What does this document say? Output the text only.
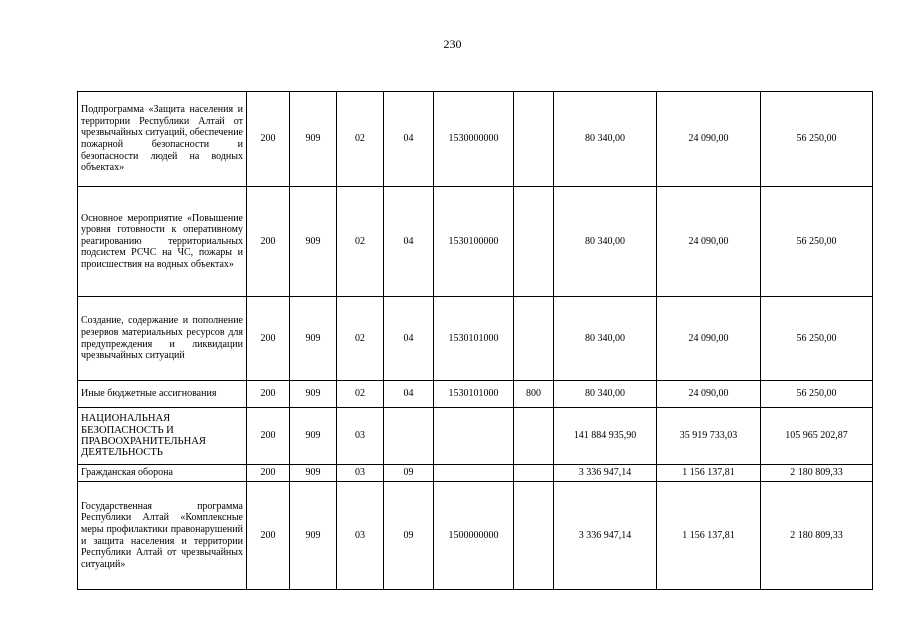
230
Подпрограмма «Защита населения и территории Республики Алтай от чрезвычайных ситуаций, обеспечение пожарной безопасности и безопасности людей на водных объектах»	200	909	02	04	1530000000		80 340,00	24 090,00	56 250,00
Основное мероприятие «Повышение уровня готовности к оперативному реагированию территориальных подсистем РСЧС на ЧС, пожары и происшествия на водных объектах»	200	909	02	04	1530100000		80 340,00	24 090,00	56 250,00
Создание, содержание и пополнение резервов материальных ресурсов для предупреждения и ликвидации чрезвычайных ситуаций	200	909	02	04	1530101000		80 340,00	24 090,00	56 250,00
Иные бюджетные ассигнования	200	909	02	04	1530101000	800	80 340,00	24 090,00	56 250,00
НАЦИОНАЛЬНАЯ БЕЗОПАСНОСТЬ И ПРАВООХРАНИТЕЛЬНАЯ ДЕЯТЕЛЬНОСТЬ	200	909	03				141 884 935,90	35 919 733,03	105 965 202,87
Гражданская оборона	200	909	03	09			3 336 947,14	1 156 137,81	2 180 809,33
Государственная программа Республики Алтай «Комплексные меры профилактики правонарушений и защита населения и территории Республики Алтай от чрезвычайных ситуаций»	200	909	03	09	1500000000		3 336 947,14	1 156 137,81	2 180 809,33
